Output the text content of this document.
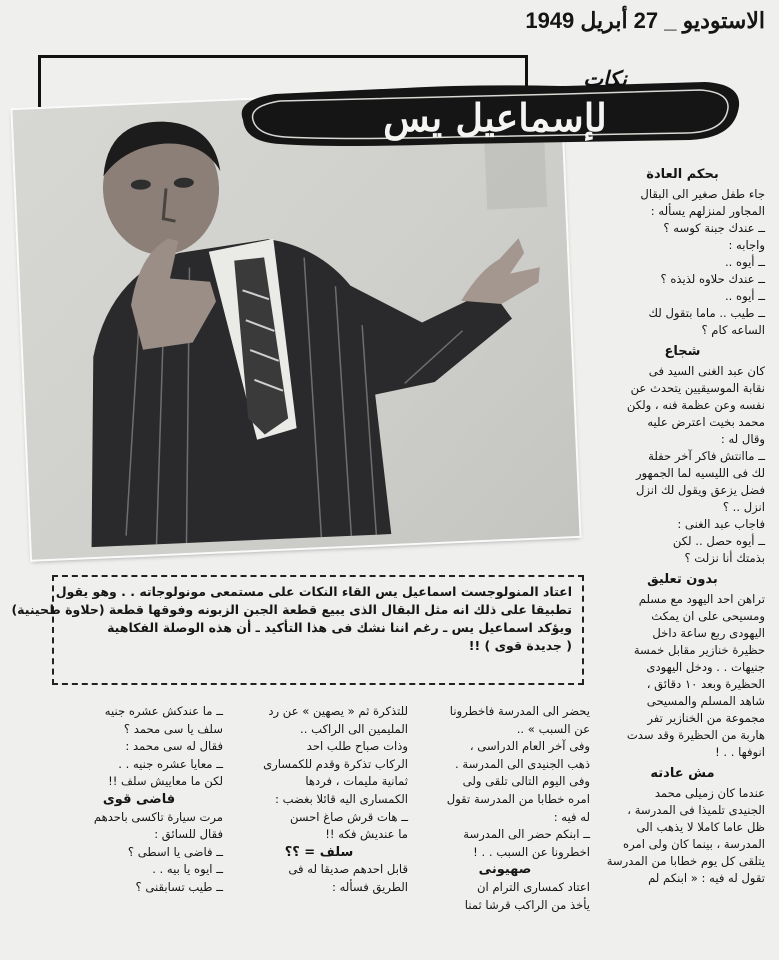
الاستوديو _ 27 أبريل 1949
نكات
لإسماعيل يس
بحكم العادة

جاء طفل صغير الى البقال
المجاور لمنزلهم يسأله :
ــ عندك جبنة كوسه ؟
واجابه :
ــ أيوه ..
ــ عندك حلاوه لذيذه ؟
ــ أيوه ..
ــ طيب .. ماما بتقول لك
الساعه كام ؟

شجاع

كان عبد الغنى السيد فى
نقابة الموسيقيين يتحدث عن
نفسه وعن عظمة فنه ، ولكن
محمد بخيت اعترض عليه
وقال له :
ــ ماانتش فاكر آخر حفلة
لك فى الليسيه لما الجمهور
فضل يزعق ويقول لك انزل
انزل .. ؟
فاجاب عبد الغنى :
ــ أيوه حصل .. لكن
بذمتك أنا نزلت ؟

بدون تعليق

تراهن احد اليهود مع مسلم
ومسيحى على ان يمكث
اليهودى ربع ساعة داخل
حظيرة خنازير مقابل خمسة
جنيهات . . ودخل اليهودى
الحظيرة وبعد ١٠ دقائق ،
شاهد المسلم والمسيحى
مجموعة من الخنازير تفر
هاربة من الحظيرة وقد سدت
انوفها . . !

مش عادته

عندما كان زميلى محمد
الجنيدى تلميذا فى المدرسة ،
ظل عاما كاملا لا يذهب الى
المدرسة ، بينما كان ولى امره
يتلقى كل يوم خطابا من المدرسة
تقول له فيه : « ابنكم لم

اعتاد المنولوجست اسماعيل يس القاء النكات على مستمعى مونولوجاته . . وهو يقول
تطبيقا على ذلك انه مثل البقال الذى يبيع قطعة الجبن الزبونه وفوقها قطعة (حلاوة طحينية)
ويؤكد اسماعيل يس ـ رغم اننا نشك فى هذا التأكيد ـ أن هذه الوصلة الفكاهية
( جديدة قوى ) !!
يحضر الى المدرسة فاخطرونا
عن السبب » ..
وفى آخر العام الدراسى ،
ذهب الجنيدى الى المدرسة .
وفى اليوم التالى تلقى ولى
امره خطابا من المدرسة تقول
له فيه :
ــ ابنكم حضر الى المدرسة
اخطرونا عن السبب . . !
صهيونى
اعتاد كمسارى الترام ان
يأخذ من الراكب قرشا ثمنا
للتذكرة ثم « يصهين » عن رد
المليمين الى الراكب ..
وذات صباح طلب احد
الركاب تذكرة وقدم للكمسارى
ثمانية مليمات ، فردها
الكمسارى اليه قائلا بغضب :
ــ هات قرش صاغ احسن
ما عنديش فكه !!
سلف = ؟؟
قابل احدهم صديقا له فى
الطريق فسأله :
ــ ما عندكش عشره جنيه
سلف يا سى محمد ؟
فقال له سى محمد :
ــ معايا عشره جنيه . .
لكن ما معاييش سلف !!
فاضى قوى
مرت سيارة تاكسى باحدهم
فقال للسائق :
ــ فاضى يا اسطى ؟
ــ ايوه يا بيه . .
ــ طيب تسابقنى ؟
